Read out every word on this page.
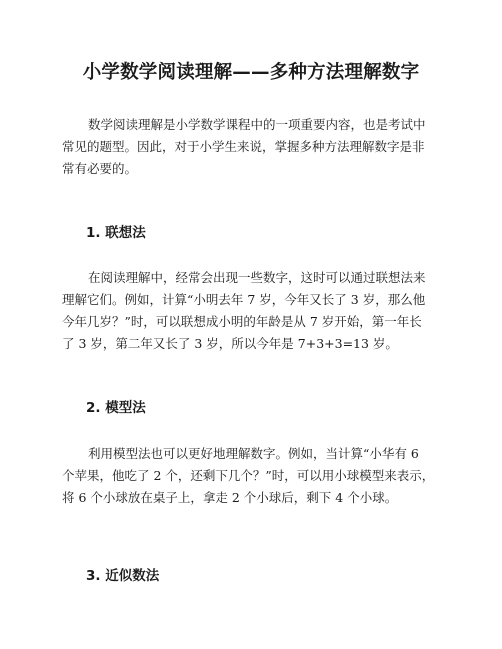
小学数学阅读理解——多种方法理解数字
数学阅读理解是小学数学课程中的一项重要内容，也是考试中
常见的题型。因此，对于小学生来说，掌握多种方法理解数字是非
常有必要的。
1. 联想法
在阅读理解中，经常会出现一些数字，这时可以通过联想法来
理解它们。例如，计算“小明去年 7 岁，今年又长了 3 岁，那么他
今年几岁？”时，可以联想成小明的年龄是从 7 岁开始，第一年长
了 3 岁，第二年又长了 3 岁，所以今年是 7+3+3=13 岁。
2. 模型法
利用模型法也可以更好地理解数字。例如，当计算“小华有 6
个苹果，他吃了 2 个，还剩下几个？”时，可以用小球模型来表示，
将 6 个小球放在桌子上，拿走 2 个小球后，剩下 4 个小球。
3. 近似数法
